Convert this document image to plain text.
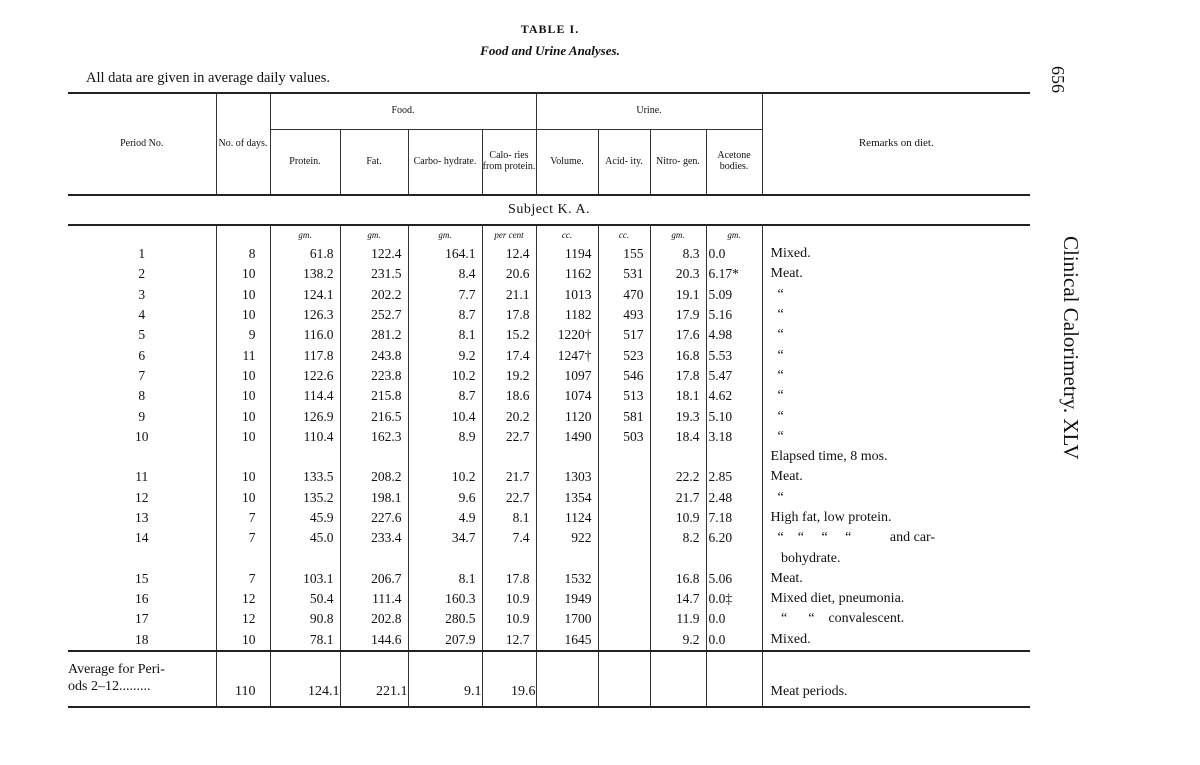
TABLE I.
Food and Urine Analyses.
All data are given in average daily values.	656
Clinical Calorimetry. XLV
Period No.	No. of days.	Food.				Urine.				Remarks on diet.
		Protein.	Fat.	Carbo- hydrate.	Calo- ries from protein.	Volume.	Acid- ity.	Nitro- gen.	Acetone bodies.	
Subject K. A.										
		gm.	gm.	gm.	per cent	cc.	cc.	gm.	gm.	
1	8	61.8	122.4	164.1	12.4	1194	155	8.3	0.0	Mixed.
2	10	138.2	231.5	8.4	20.6	1162	531	20.3	6.17*	Meat.
3	10	124.1	202.2	7.7	21.1	1013	470	19.1	5.09	“
4	10	126.3	252.7	8.7	17.8	1182	493	17.9	5.16	“
5	9	116.0	281.2	8.1	15.2	1220†	517	17.6	4.98	“
6	11	117.8	243.8	9.2	17.4	1247†	523	16.8	5.53	“
7	10	122.6	223.8	10.2	19.2	1097	546	17.8	5.47	“
8	10	114.4	215.8	8.7	18.6	1074	513	18.1	4.62	“
9	10	126.9	216.5	10.4	20.2	1120	581	19.3	5.10	“
10	10	110.4	162.3	8.9	22.7	1490	503	18.4	3.18	“
										Elapsed time, 8 mos.
11	10	133.5	208.2	10.2	21.7	1303		22.2	2.85	Meat.
12	10	135.2	198.1	9.6	22.7	1354		21.7	2.48	“
13	7	45.9	227.6	4.9	8.1	1124		10.9	7.18	High fat, low protein.
14	7	45.0	233.4	34.7	7.4	922		8.2	6.20	“    “     “     “           and car-
										bohydrate.
15	7	103.1	206.7	8.1	17.8	1532		16.8	5.06	Meat.
16	12	50.4	111.4	160.3	10.9	1949		14.7	0.0‡	Mixed diet, pneumonia.
17	12	90.8	202.8	280.5	10.9	1700		11.9	0.0	“      “    convalescent.
18	10	78.1	144.6	207.9	12.7	1645		9.2	0.0	Mixed.

Average for Peri-
ods 2–12.........	110	124.1	221.1	9.1	19.6					Meat periods.
